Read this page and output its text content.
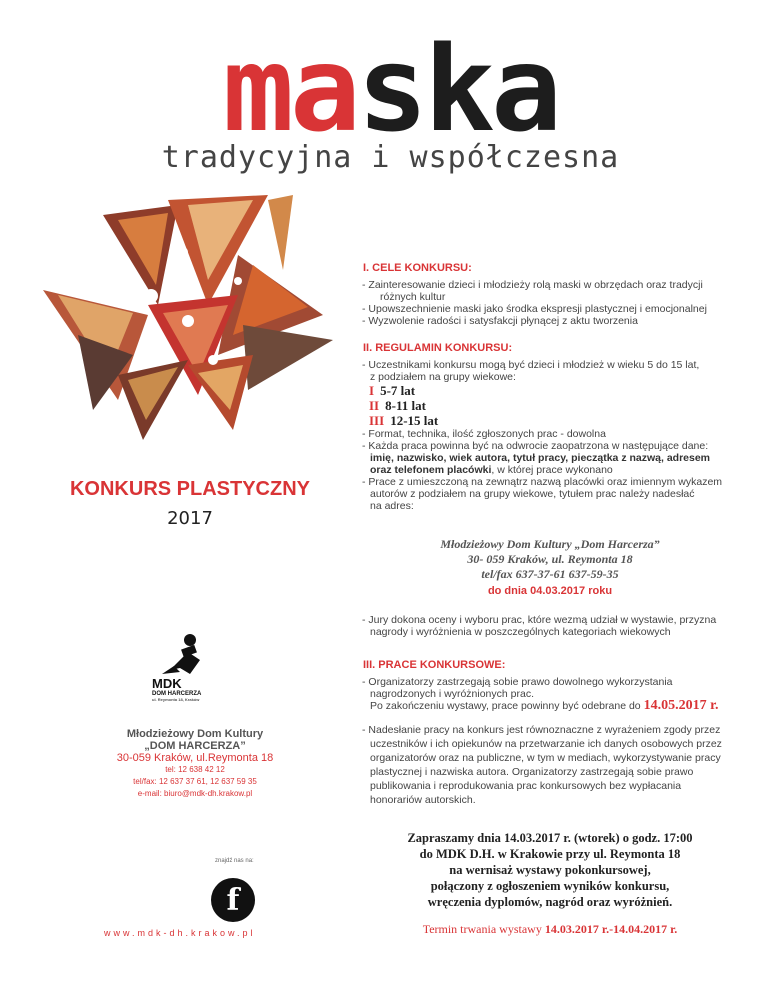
maska
tradycyjna i współczesna
KONKURS PLASTYCZNY
2017
MDK
DOM HARCERZA
ul. Reymonta 18, Kraków
Młodzieżowy Dom Kultury
„DOM HARCERZA”
30-059 Kraków, ul.Reymonta 18
tel: 12 638 42 12
tel/fax: 12 637 37 61, 12 637 59 35
e-mail: biuro@mdk-dh.krakow.pl
znajdź nas na:
f
www.mdk-dh.krakow.pl
I. CELE KONKURSU:
- Zainteresowanie dzieci i młodzieży rolą maski w obrzędach oraz tradycji
różnych kultur
- Upowszechnienie maski jako środka ekspresji plastycznej i emocjonalnej
- Wyzwolenie radości i satysfakcji płynącej z aktu tworzenia
II. REGULAMIN KONKURSU:
- Uczestnikami konkursu mogą być dzieci i młodzież w wieku 5 do 15 lat,
z podziałem na grupy wiekowe:
I 5-7 lat
II 8-11 lat
III 12-15 lat
- Format, technika, ilość zgłoszonych prac - dowolna
- Każda praca powinna być na odwrocie zaopatrzona w następujące dane:
imię, nazwisko, wiek autora, tytuł pracy, pieczątka z nazwą, adresem
oraz telefonem placówki, w której prace wykonano
- Prace z umieszczoną na zewnątrz nazwą placówki oraz imiennym wykazem
autorów z podziałem na grupy wiekowe, tytułem prac należy nadesłać
na adres:
Młodzieżowy Dom Kultury „Dom Harcerza”
30- 059 Kraków, ul. Reymonta 18
tel/fax 637-37-61 637-59-35
do dnia 04.03.2017 roku
- Jury dokona oceny i wyboru prac, które wezmą udział w wystawie, przyzna
nagrody i wyróżnienia w poszczególnych kategoriach wiekowych
III. PRACE KONKURSOWE:
- Organizatorzy zastrzegają sobie prawo dowolnego wykorzystania
nagrodzonych i wyróżnionych prac.
Po zakończeniu wystawy, prace powinny być odebrane do 14.05.2017 r.
- Nadesłanie pracy na konkurs jest równoznaczne z wyrażeniem zgody przez
uczestników i ich opiekunów na przetwarzanie ich danych osobowych przez
organizatorów oraz na publiczne, w tym w mediach, wykorzystywanie pracy
plastycznej i nazwiska autora. Organizatorzy zastrzegają sobie prawo
publikowania i reprodukowania prac konkursowych bez wypłacania
honorariów autorskich.
Zapraszamy dnia 14.03.2017 r. (wtorek) o godz. 17:00
do MDK D.H. w Krakowie przy ul. Reymonta 18
na wernisaż wystawy pokonkursowej,
połączony z ogłoszeniem wyników konkursu,
wręczenia dyplomów, nagród oraz wyróżnień.
Termin trwania wystawy 14.03.2017 r.-14.04.2017 r.
